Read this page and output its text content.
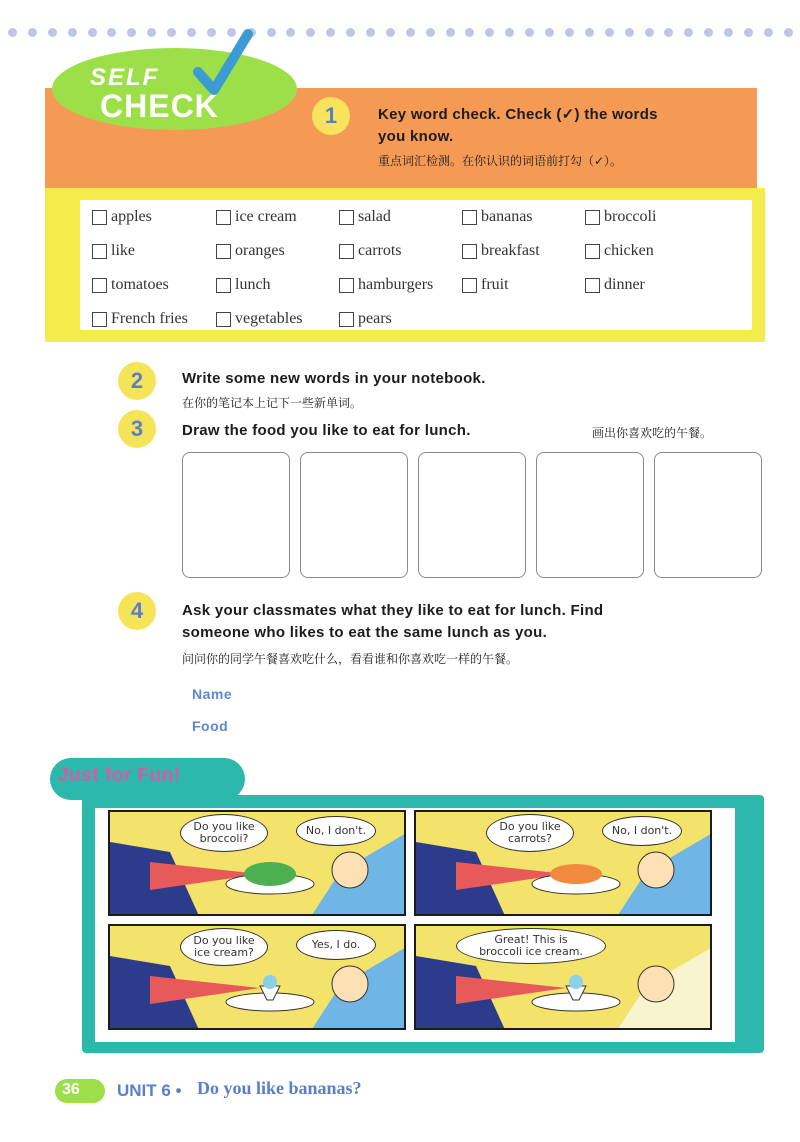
SELF
CHECK	1	Key word check. Check (✓) the words
you know.
重点词汇检测。在你认识的词语前打勾（✓）。
apples	ice cream	salad	bananas	broccoli
like	oranges	carrots	breakfast	chicken
tomatoes	lunch	hamburgers	fruit	dinner
French fries	vegetables	pears
2	Write some new words in your notebook.
在你的笔记本上记下一些新单词。
3	Draw the food you like to eat for lunch.	画出你喜欢吃的午餐。
4	Ask your classmates what they like to eat for lunch. Find
someone who likes to eat the same lunch as you.
问问你的同学午餐喜欢吃什么，看看谁和你喜欢吃一样的午餐。
Name
Food
Just for Fun!
Do you like
broccoli?
No, I don't.	Do you like
carrots?
No, I don't.
Do you like
ice cream?
Yes, I do.	Great! This is
broccoli ice cream.
36 UNIT 6 • Do you like bananas?
